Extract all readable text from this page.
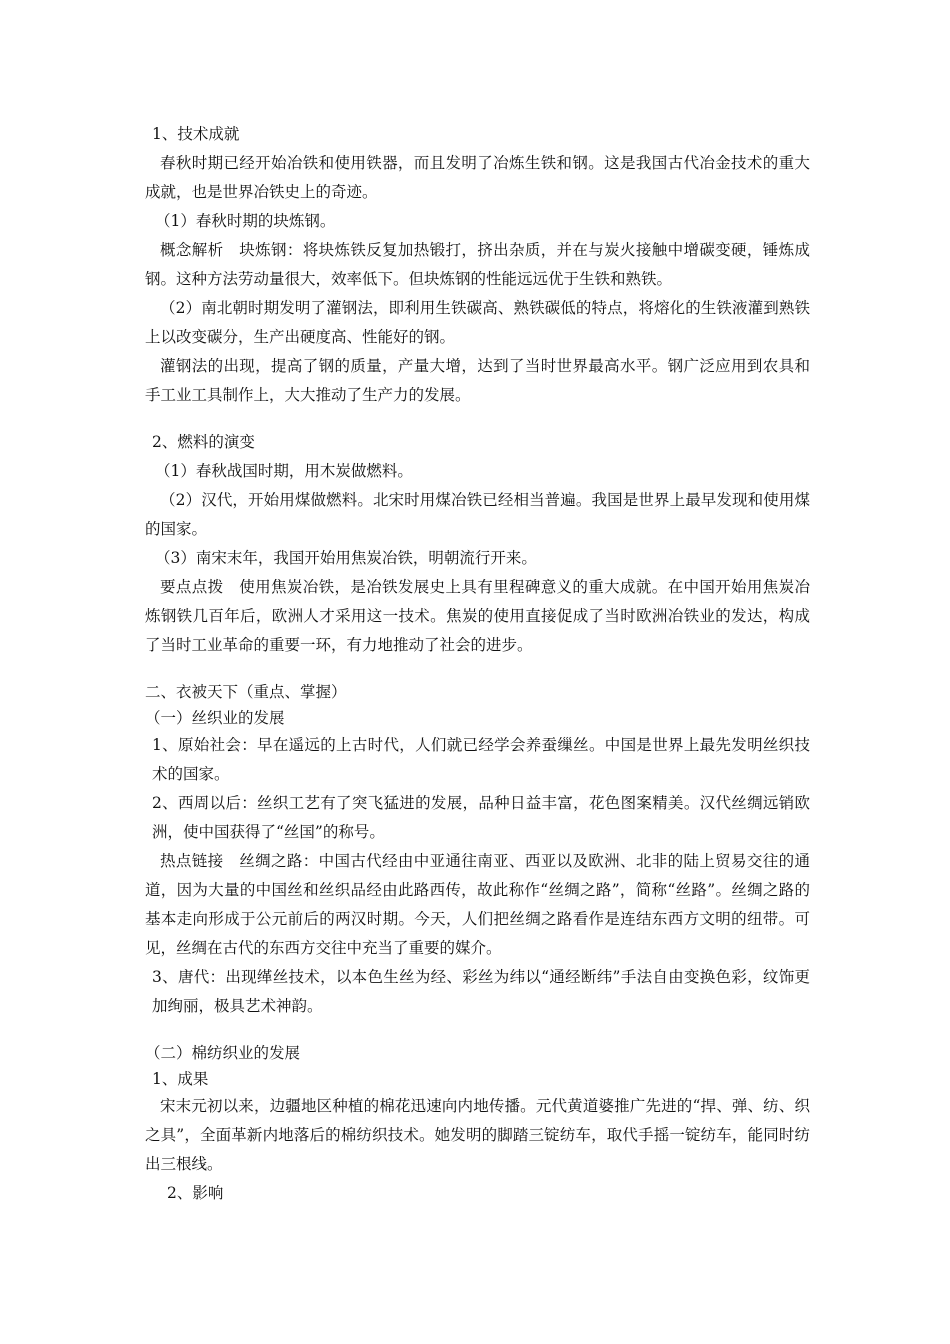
1、技术成就

春秋时期已经开始冶铁和使用铁器，而且发明了冶炼生铁和钢。这是我国古代冶金技术的重大成就，也是世界冶铁史上的奇迹。

（1）春秋时期的块炼钢。

概念解析　块炼钢：将块炼铁反复加热锻打，挤出杂质，并在与炭火接触中增碳变硬，锤炼成钢。这种方法劳动量很大，效率低下。但块炼钢的性能远远优于生铁和熟铁。

（2）南北朝时期发明了灌钢法，即利用生铁碳高、熟铁碳低的特点，将熔化的生铁液灌到熟铁上以改变碳分，生产出硬度高、性能好的钢。

灌钢法的出现，提高了钢的质量，产量大增，达到了当时世界最高水平。钢广泛应用到农具和手工业工具制作上，大大推动了生产力的发展。

2、燃料的演变

（1）春秋战国时期，用木炭做燃料。

（2）汉代，开始用煤做燃料。北宋时用煤冶铁已经相当普遍。我国是世界上最早发现和使用煤的国家。

（3）南宋末年，我国开始用焦炭冶铁，明朝流行开来。

要点点拨　使用焦炭冶铁，是冶铁发展史上具有里程碑意义的重大成就。在中国开始用焦炭冶炼钢铁几百年后，欧洲人才采用这一技术。焦炭的使用直接促成了当时欧洲冶铁业的发达，构成了当时工业革命的重要一环，有力地推动了社会的进步。

二、衣被天下（重点、掌握）

（一）丝织业的发展

1、原始社会：早在遥远的上古时代，人们就已经学会养蚕缫丝。中国是世界上最先发明丝织技术的国家。

2、西周以后：丝织工艺有了突飞猛进的发展，品种日益丰富，花色图案精美。汉代丝绸远销欧洲，使中国获得了“丝国”的称号。

热点链接　丝绸之路：中国古代经由中亚通往南亚、西亚以及欧洲、北非的陆上贸易交往的通道，因为大量的中国丝和丝织品经由此路西传，故此称作“丝绸之路”，简称“丝路”。丝绸之路的基本走向形成于公元前后的两汉时期。今天，人们把丝绸之路看作是连结东西方文明的纽带。可见，丝绸在古代的东西方交往中充当了重要的媒介。

3、唐代：出现缂丝技术，以本色生丝为经、彩丝为纬以“通经断纬”手法自由变换色彩，纹饰更加绚丽，极具艺术神韵。

（二）棉纺织业的发展

1、成果

宋末元初以来，边疆地区种植的棉花迅速向内地传播。元代黄道婆推广先进的“捍、弹、纺、织之具”，全面革新内地落后的棉纺织技术。她发明的脚踏三锭纺车，取代手摇一锭纺车，能同时纺出三根线。

2、影响
